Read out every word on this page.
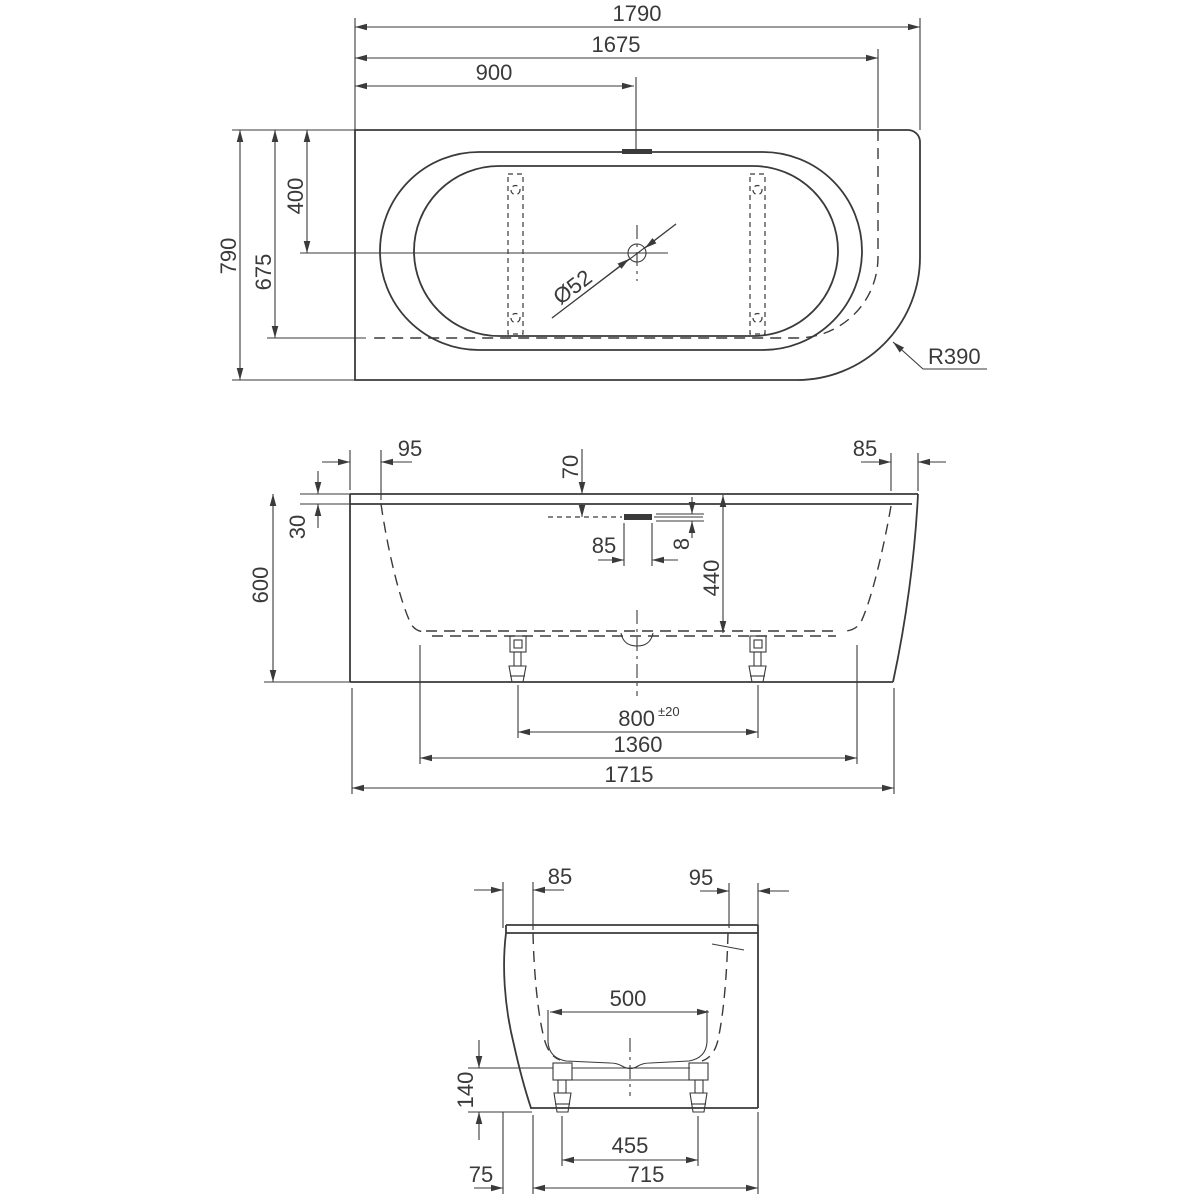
1790
1675
900
790 675
400
Ø52
R390
95	85
70
30
600
85 8
440
800 ±20
1360
1715
85	95
500
140
455
75	715
